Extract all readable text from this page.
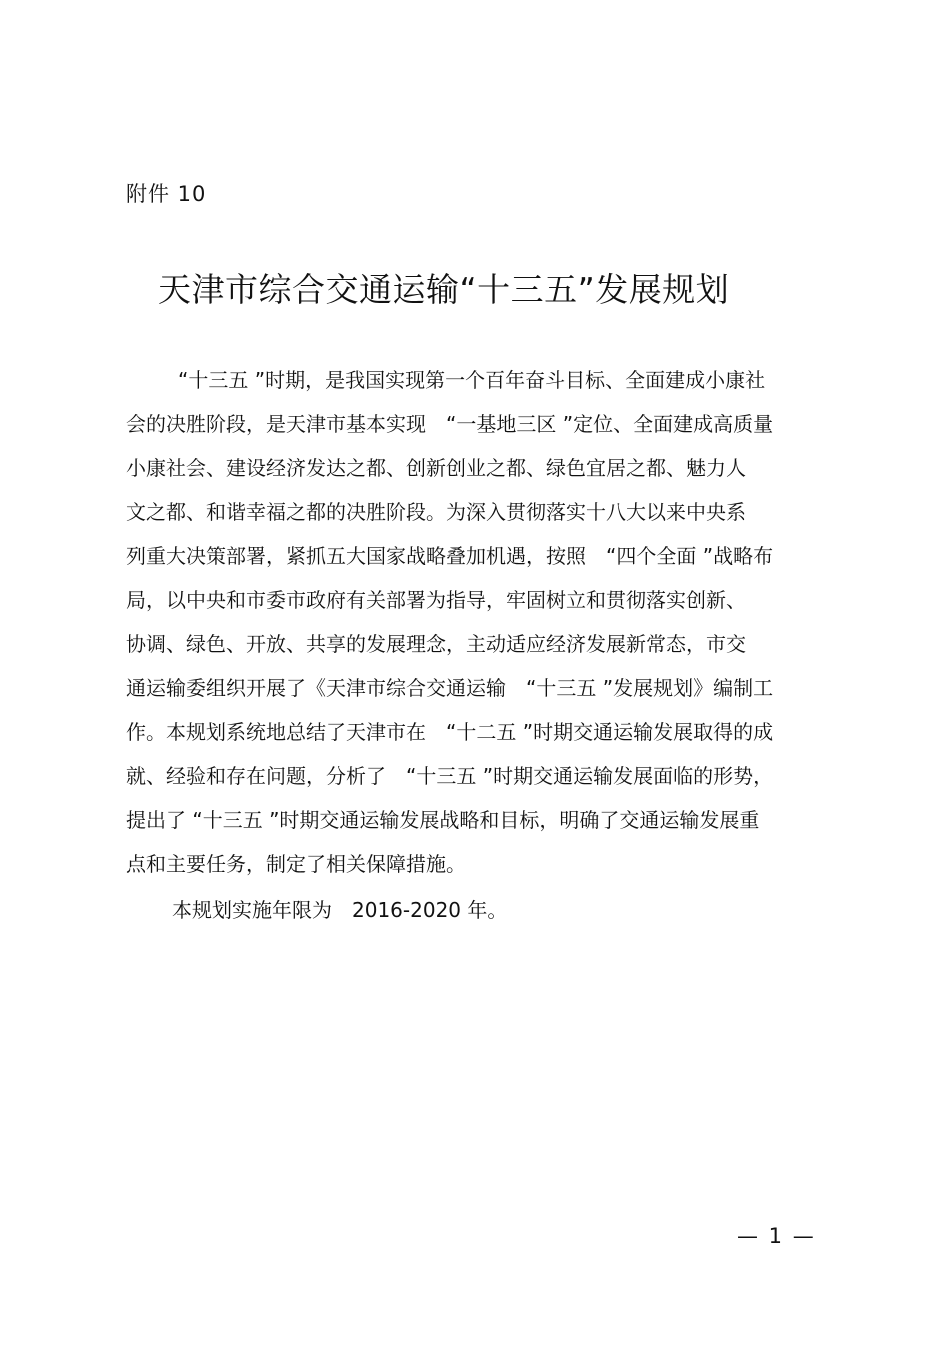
附件 10
天津市综合交通运输“十三五”发展规划
“十三五 ”时期，是我国实现第一个百年奋斗目标、全面建成小康社
会的决胜阶段，是天津市基本实现　“一基地三区 ”定位、全面建成高质量
小康社会、建设经济发达之都、创新创业之都、绿色宜居之都、魅力人
文之都、和谐幸福之都的决胜阶段。为深入贯彻落实十八大以来中央系
列重大决策部署，紧抓五大国家战略叠加机遇，按照　“四个全面 ”战略布
局，以中央和市委市政府有关部署为指导，牢固树立和贯彻落实创新、
协调、绿色、开放、共享的发展理念，主动适应经济发展新常态，市交
通运输委组织开展了《天津市综合交通运输　“十三五 ”发展规划》编制工
作。本规划系统地总结了天津市在　“十二五 ”时期交通运输发展取得的成
就、经验和存在问题，分析了　“十三五 ”时期交通运输发展面临的形势，
提出了 “十三五 ”时期交通运输发展战略和目标，明确了交通运输发展重
点和主要任务，制定了相关保障措施。
本规划实施年限为　2016-2020 年。
— 1 —
